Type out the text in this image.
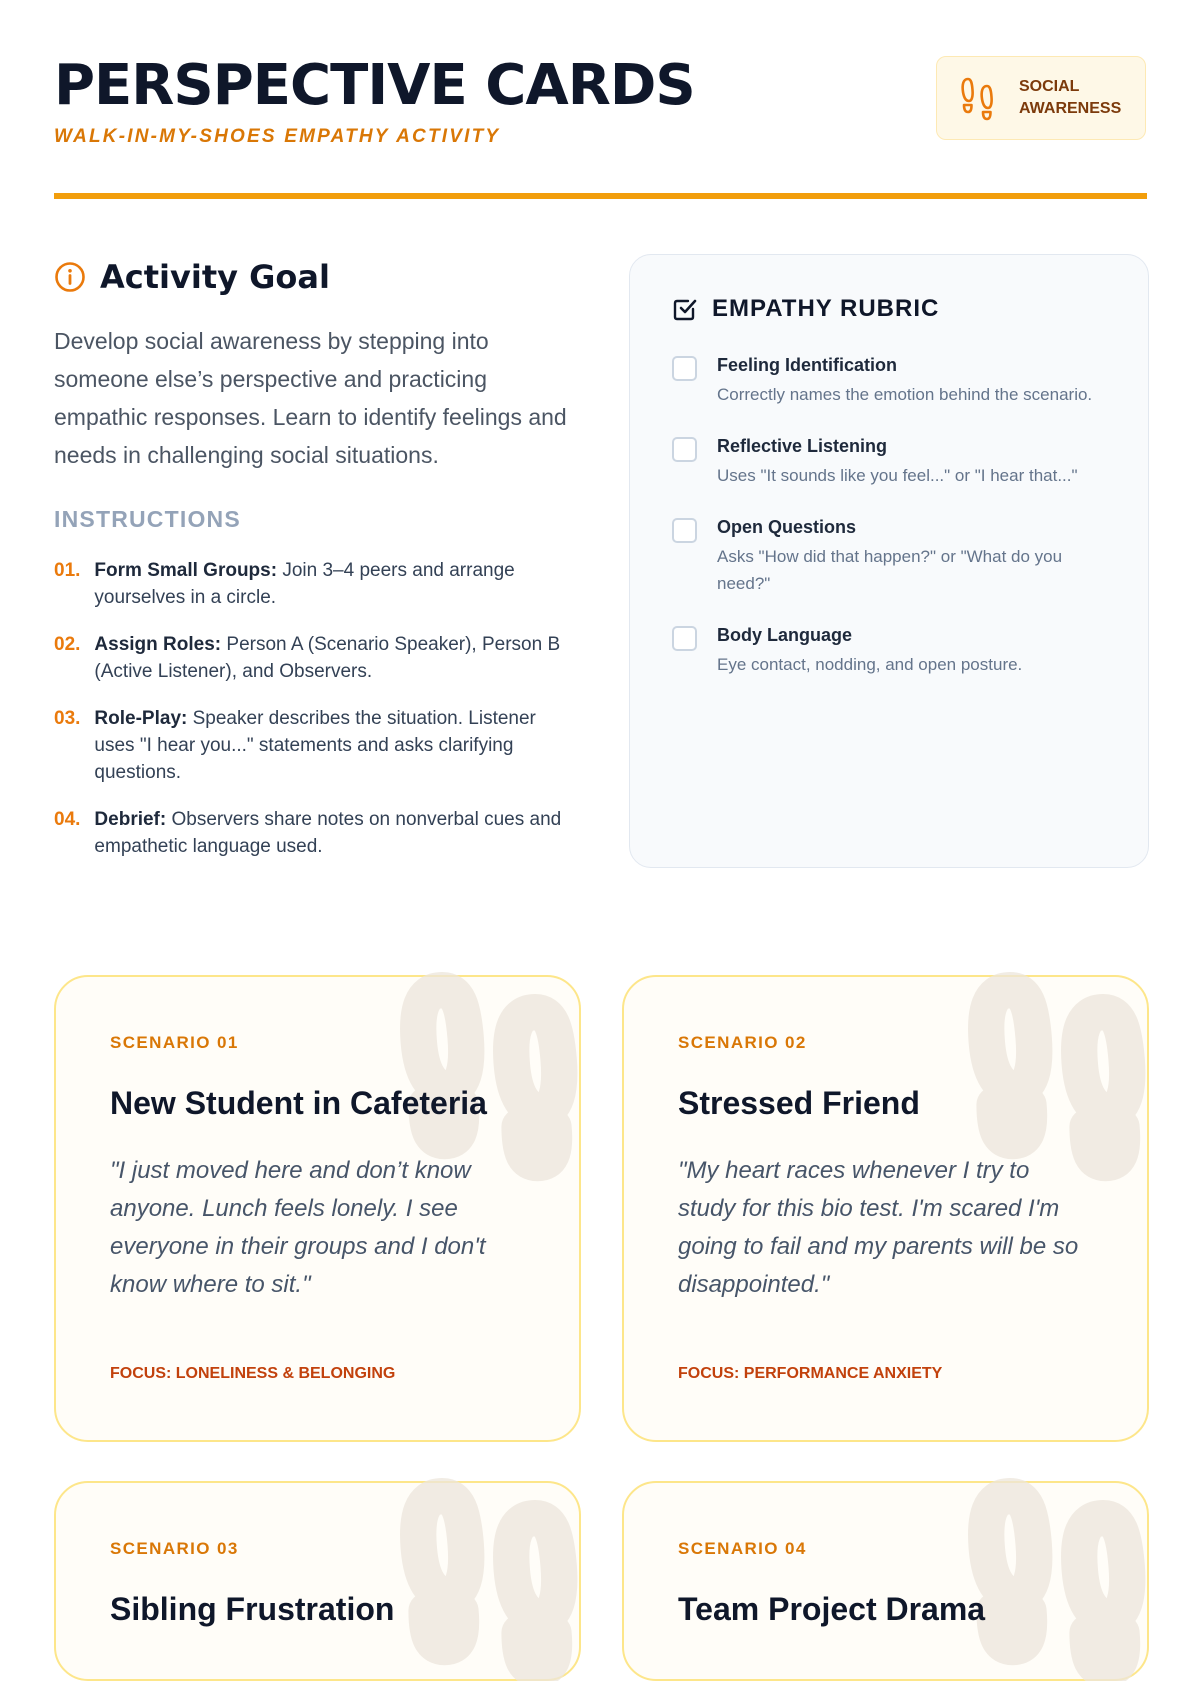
PERSPECTIVE CARDS
WALK-IN-MY-SHOES EMPATHY ACTIVITY
SOCIAL
AWARENESS
Activity Goal

Develop social awareness by stepping into someone else’s perspective and practicing empathic responses. Learn to identify feelings and needs in challenging social situations.

INSTRUCTIONS
01. Form Small Groups: Join 3–4 peers and arrange yourselves in a circle.
02. Assign Roles: Person A (Scenario Speaker), Person B (Active Listener), and Observers.
03. Role-Play: Speaker describes the situation. Listener uses "I hear you..." statements and asks clarifying questions.
04. Debrief: Observers share notes on nonverbal cues and empathetic language used.
EMPATHY RUBRIC
Feeling Identification
Correctly names the emotion behind the scenario.
Reflective Listening
Uses "It sounds like you feel..." or "I hear that..."
Open Questions
Asks "How did that happen?" or "What do you need?"
Body Language
Eye contact, nodding, and open posture.
SCENARIO 01
New Student in Cafeteria

"I just moved here and don’t know anyone. Lunch feels lonely. I see everyone in their groups and I don't know where to sit."

FOCUS: LONELINESS & BELONGING
SCENARIO 02
Stressed Friend

"My heart races whenever I try to study for this bio test. I'm scared I'm going to fail and my parents will be so disappointed."

FOCUS: PERFORMANCE ANXIETY
SCENARIO 03
Sibling Frustration
SCENARIO 04
Team Project Drama
